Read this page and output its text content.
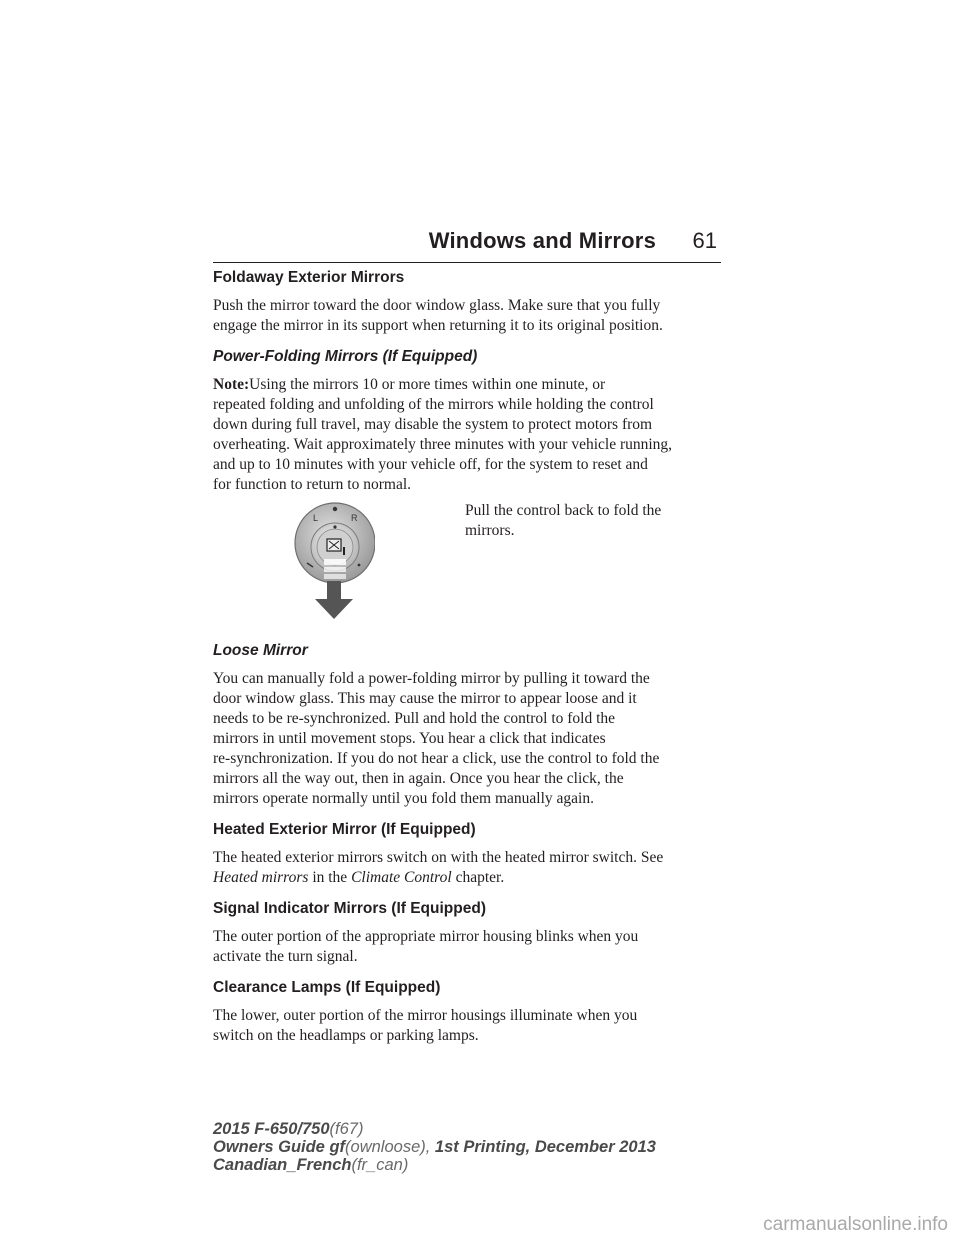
Windows and Mirrors 61
Foldaway Exterior Mirrors

Push the mirror toward the door window glass. Make sure that you fully
engage the mirror in its support when returning it to its original position.

Power-Folding Mirrors (If Equipped)

Note:Using the mirrors 10 or more times within one minute, or
repeated folding and unfolding of the mirrors while holding the control
down during full travel, may disable the system to protect motors from
overheating. Wait approximately three minutes with your vehicle running,
and up to 10 minutes with your vehicle off, for the system to reset and
for function to return to normal.

L	R	Pull the control back to fold the
mirrors.

Loose Mirror

You can manually fold a power-folding mirror by pulling it toward the
door window glass. This may cause the mirror to appear loose and it
needs to be re-synchronized. Pull and hold the control to fold the
mirrors in until movement stops. You hear a click that indicates
re-synchronization. If you do not hear a click, use the control to fold the
mirrors all the way out, then in again. Once you hear the click, the
mirrors operate normally until you fold them manually again.

Heated Exterior Mirror (If Equipped)

The heated exterior mirrors switch on with the heated mirror switch. See
Heated mirrors in the Climate Control chapter.

Signal Indicator Mirrors (If Equipped)

The outer portion of the appropriate mirror housing blinks when you
activate the turn signal.

Clearance Lamps (If Equipped)

The lower, outer portion of the mirror housings illuminate when you
switch on the headlamps or parking lamps.

2015 F-650/750(f67)
Owners Guide gf(ownloose), 1st Printing, December 2013
Canadian_French(fr_can)
carmanualsonline.info
